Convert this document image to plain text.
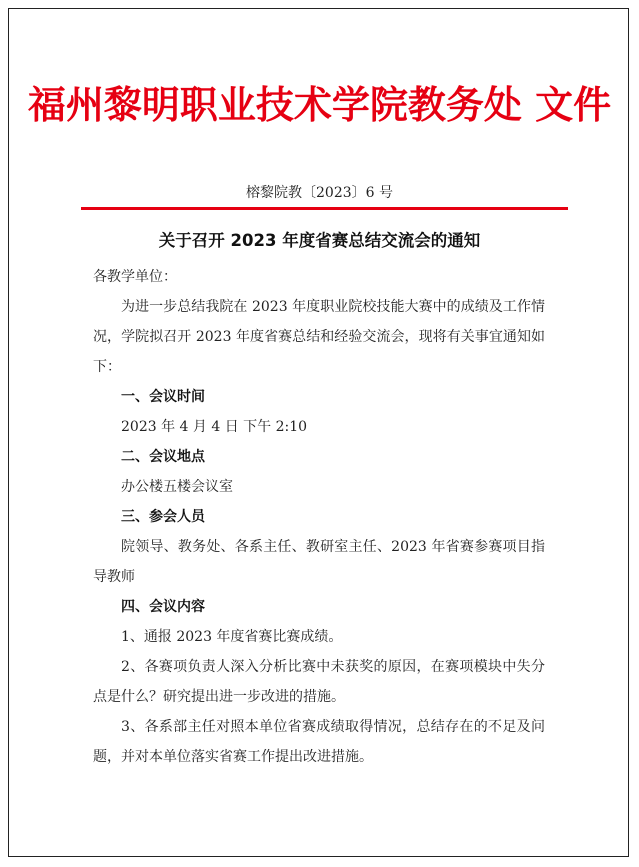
福州黎明职业技术学院教务处 文件
榕黎院教〔2023〕6 号
关于召开 2023 年度省赛总结交流会的通知

各教学单位：

为进一步总结我院在 2023 年度职业院校技能大赛中的成绩及工作情况，学院拟召开 2023 年度省赛总结和经验交流会，现将有关事宜通知如下：

一、会议时间

2023 年 4 月 4 日 下午 2:10

二、会议地点

办公楼五楼会议室

三、参会人员

院领导、教务处、各系主任、教研室主任、2023 年省赛参赛项目指导教师

四、会议内容

1、通报 2023 年度省赛比赛成绩。

2、各赛项负责人深入分析比赛中未获奖的原因，在赛项模块中失分点是什么？研究提出进一步改进的措施。

3、各系部主任对照本单位省赛成绩取得情况，总结存在的不足及问题，并对本单位落实省赛工作提出改进措施。
